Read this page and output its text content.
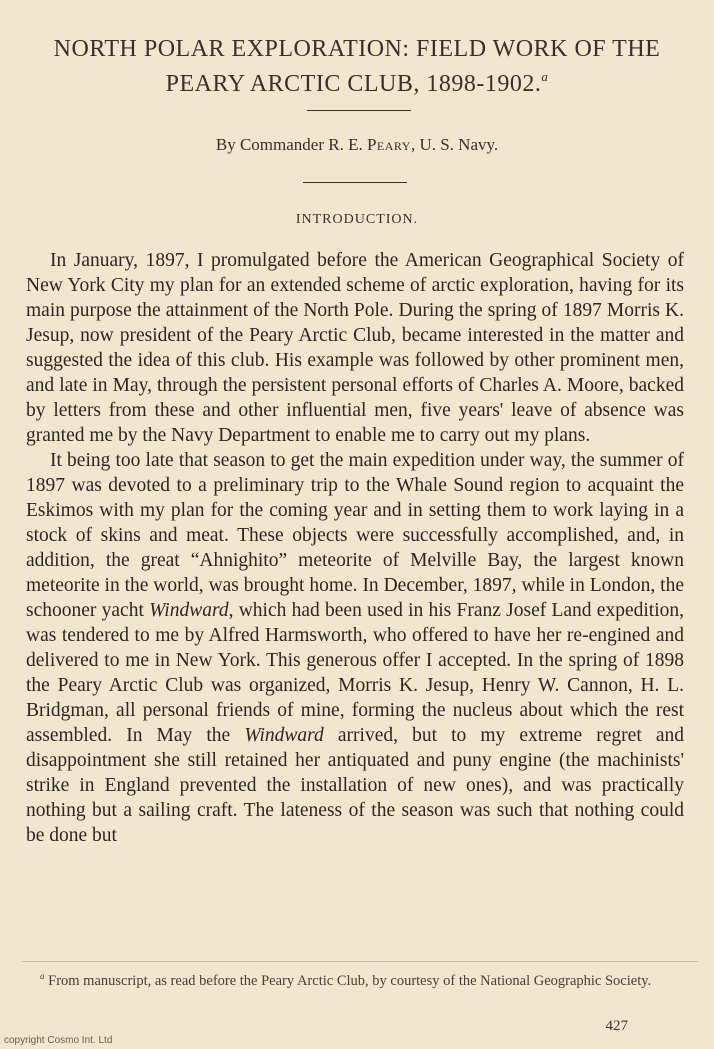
NORTH POLAR EXPLORATION: FIELD WORK OF THE
PEARY ARCTIC CLUB, 1898-1902.$^a$
By Commander R. E. Peary, U. S. Navy.
INTRODUCTION.

In January, 1897, I promulgated before the American Geographical Society of New York City my plan for an extended scheme of arctic exploration, having for its main purpose the attainment of the North Pole. During the spring of 1897 Morris K. Jesup, now president of the Peary Arctic Club, became interested in the matter and suggested the idea of this club. His example was followed by other prominent men, and late in May, through the persistent personal efforts of Charles A. Moore, backed by letters from these and other influential men, five years' leave of absence was granted me by the Navy Department to enable me to carry out my plans.

It being too late that season to get the main expedition under way, the summer of 1897 was devoted to a preliminary trip to the Whale Sound region to acquaint the Eskimos with my plan for the coming year and in setting them to work laying in a stock of skins and meat. These objects were successfully accomplished, and, in addition, the great “Ahnighito” meteorite of Melville Bay, the largest known meteorite in the world, was brought home. In December, 1897, while in London, the schooner yacht Windward, which had been used in his Franz Josef Land expedition, was tendered to me by Alfred Harmsworth, who offered to have her re-engined and delivered to me in New York. This generous offer I accepted. In the spring of 1898 the Peary Arctic Club was organized, Morris K. Jesup, Henry W. Cannon, H. L. Bridgman, all personal friends of mine, forming the nucleus about which the rest assembled. In May the Windward arrived, but to my extreme regret and disappointment she still retained her antiquated and puny engine (the machinists' strike in England prevented the installation of new ones), and was practically nothing but a sailing craft. The lateness of the season was such that nothing could be done but

$^a$ From manuscript, as read before the Peary Arctic Club, by courtesy of the National Geographic Society.
427
copyright Cosmo Int. Ltd
